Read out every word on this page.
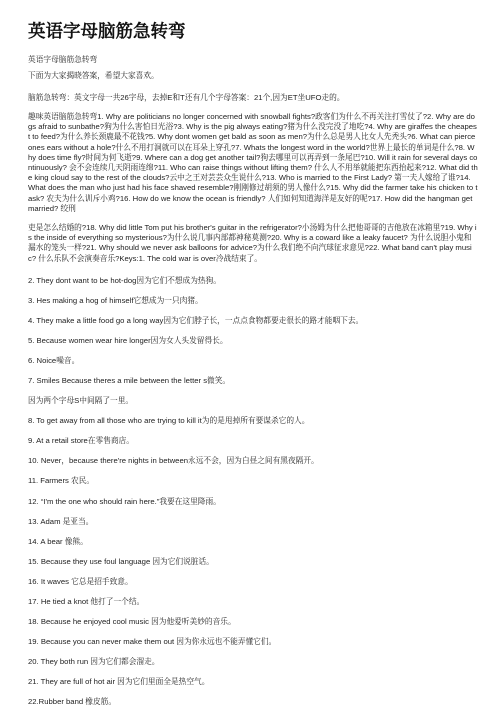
英语字母脑筋急转弯

英语字母脑筋急转弯

下面为大家揭晓答案，希望大家喜欢。

脑筋急转弯：英文字母一共26字母，去掉E和T还有几个字母答案：21个,因为ET坐UFO走的。

趣味英语脑筋急转弯1. Why are politicians no longer concerned with snowball fights?政客们为什么不再关注打雪仗了?2. Why are dogs afraid to sunbathe?狗为什么害怕日光浴?3. Why is the pig always eating?猪为什么没完没了地吃?4. Why are giraffes the cheapest to feed?为什么养长颈鹿最不花钱?5. Why dont women get bald as soon as men?为什么总是男人比女人先秃头?6. What can pierce ones ears without a hole?什么不用打洞就可以在耳朵上穿孔?7. Whats the longest word in the world?世界上最长的单词是什么?8. Why does time fly?时间为何飞逝?9. Where can a dog get another tail?狗去哪里可以再弄到一条尾巴?10. Will it rain for several days continuously? 会不会连续几天阴雨连绵?11. Who can raise things without lifting them? 什么人不用举就能把东西抬起来?12. What did the king cloud say to the rest of the clouds?云中之王对芸芸众生说什么?13. Who is married to the First Lady? 第一夫人嫁给了谁?14. What does the man who just had his face shaved resemble?刚刚修过胡须的男人像什么?15. Why did the farmer take his chicken to task? 农夫为什么训斥小鸡?16. How do we know the ocean is friendly? 人们如何知道海洋是友好的呢?17. How did the hangman get married? 绞刑

吏是怎么结婚的?18. Why did little Tom put his brother's guitar in the refrigerator?小汤姆为什么把他哥哥的吉他放在冰箱里?19. Why is the inside of everything so mysterious?为什么说几事内部都神秘莫测?20. Why is a coward like a leaky faucet? 为什么说胆小鬼和漏水的笼头一样?21. Why should we never ask balloons for advice?为什么我们绝不向汽球征求意见?22. What band can't play music? 什么乐队不会演奏音乐?Keys:1. The cold war is over冷战结束了。

2. They dont want to be hot-dog因为它们不想成为热狗。

3. Hes making a hog of himself它想成为一只肉猪。

4. They make a little food go a long way因为它们脖子长，一点点食物都要走很长的路才能咽下去。

5. Because women wear hire longer因为女人头发留得长。

6. Noice噪音。

7. Smiles Because theres a mile between the letter s微笑。

因为两个字母S中间隔了一里。

8. To get away from all those who are trying to kill it为的是甩掉所有要谋杀它的人。

9. At a retail store在零售商店。

10. Never，because there're nights in between永远不会，因为白昼之间有黑夜隔开。

11. Farmers 农民。

12. “I'm the one who should rain here.”我要在这里降雨。

13. Adam 是亚当。

14. A bear 像熊。

15. Because they use foul language 因为它们说脏话。

16. It waves 它总是招手致意。

17. He tied a knot 他打了一个结。

18. Because he enjoyed cool music 因为他爱听美妙的音乐。

19. Because you can never make them out 因为你永远也不能弄懂它们。

20. They both run 因为它们都会溜走。

21. They are full of hot air 因为它们里面全是热空气。

22.Rubber band 橡皮筋。
